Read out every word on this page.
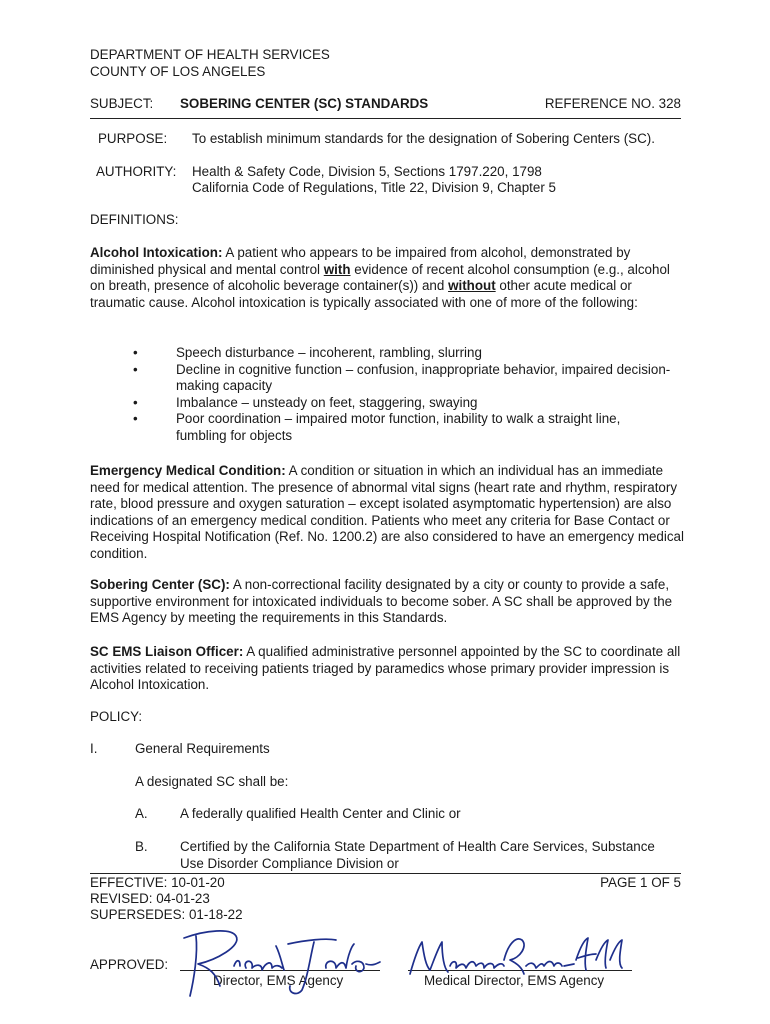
DEPARTMENT OF HEALTH SERVICES
COUNTY OF LOS ANGELES
SUBJECT: SOBERING CENTER (SC) STANDARDS	REFERENCE NO. 328
PURPOSE: To establish minimum standards for the designation of Sobering Centers (SC).
AUTHORITY: Health & Safety Code, Division 5, Sections 1797.220, 1798
California Code of Regulations, Title 22, Division 9, Chapter 5
DEFINITIONS:
Alcohol Intoxication: A patient who appears to be impaired from alcohol, demonstrated by diminished physical and mental control with evidence of recent alcohol consumption (e.g., alcohol on breath, presence of alcoholic beverage container(s)) and without other acute medical or traumatic cause. Alcohol intoxication is typically associated with one of more of the following:
• Speech disturbance – incoherent, rambling, slurring
• Decline in cognitive function – confusion, inappropriate behavior, impaired decision-making capacity
• Imbalance – unsteady on feet, staggering, swaying
• Poor coordination – impaired motor function, inability to walk a straight line, fumbling for objects
Emergency Medical Condition: A condition or situation in which an individual has an immediate need for medical attention. The presence of abnormal vital signs (heart rate and rhythm, respiratory rate, blood pressure and oxygen saturation – except isolated asymptomatic hypertension) are also indications of an emergency medical condition. Patients who meet any criteria for Base Contact or Receiving Hospital Notification (Ref. No. 1200.2) are also considered to have an emergency medical condition.
Sobering Center (SC): A non-correctional facility designated by a city or county to provide a safe, supportive environment for intoxicated individuals to become sober. A SC shall be approved by the EMS Agency by meeting the requirements in this Standards.
SC EMS Liaison Officer: A qualified administrative personnel appointed by the SC to coordinate all activities related to receiving patients triaged by paramedics whose primary provider impression is Alcohol Intoxication.
POLICY:
I.	General Requirements
A designated SC shall be:
A. A federally qualified Health Center and Clinic or
B. Certified by the California State Department of Health Care Services, Substance Use Disorder Compliance Division or
EFFECTIVE: 10-01-20	PAGE 1 OF 5
REVISED: 04-01-23
SUPERSEDES: 01-18-22
APPROVED:
Director, EMS Agency	Medical Director, EMS Agency
